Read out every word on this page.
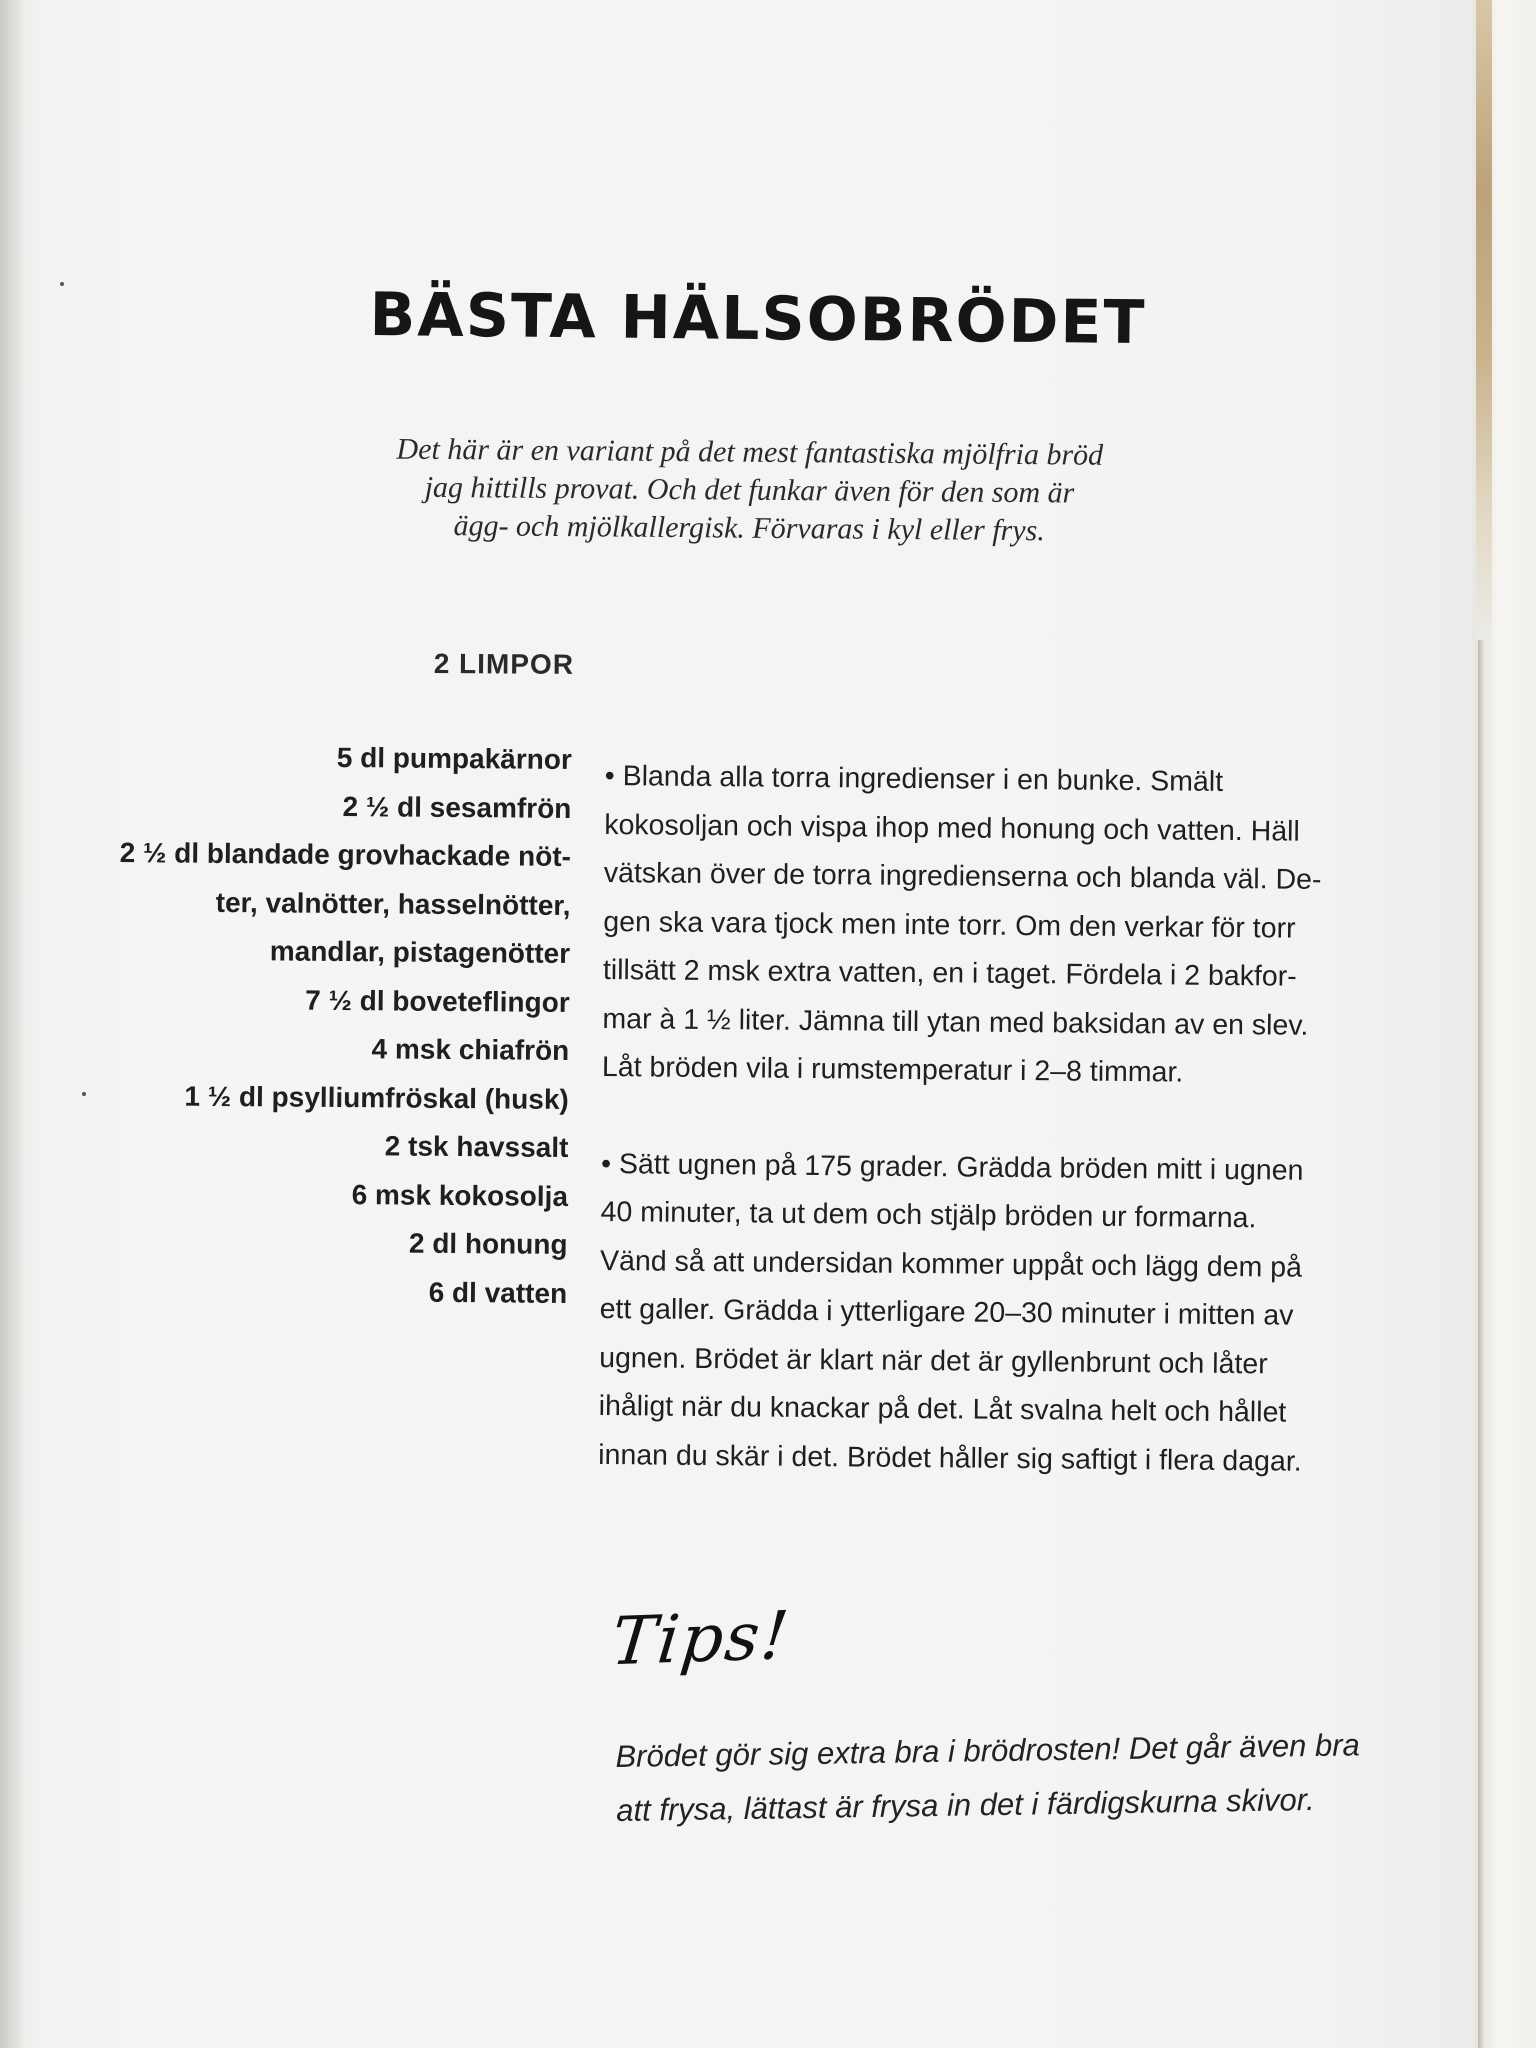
BÄSTA HÄLSOBRÖDET

Det här är en variant på det mest fantastiska mjölfria bröd
jag hittills provat. Och det funkar även för den som är
ägg- och mjölkallergisk. Förvaras i kyl eller frys.

2 LIMPOR
5 dl pumpakärnor
2 ½ dl sesamfrön
2 ½ dl blandade grovhackade nöt-
ter, valnötter, hasselnötter,
mandlar, pistagenötter
7 ½ dl boveteflingor
4 msk chiafrön
1 ½ dl psylliumfröskal (husk)
2 tsk havssalt
6 msk kokosolja
2 dl honung
6 dl vatten

• Blanda alla torra ingredienser i en bunke. Smält
kokosoljan och vispa ihop med honung och vatten. Häll
vätskan över de torra ingredienserna och blanda väl. De-
gen ska vara tjock men inte torr. Om den verkar för torr
tillsätt 2 msk extra vatten, en i taget. Fördela i 2 bakfor-
mar à 1 ½ liter. Jämna till ytan med baksidan av en slev.
Låt bröden vila i rumstemperatur i 2–8 timmar.

• Sätt ugnen på 175 grader. Grädda bröden mitt i ugnen
40 minuter, ta ut dem och stjälp bröden ur formarna.
Vänd så att undersidan kommer uppåt och lägg dem på
ett galler. Grädda i ytterligare 20–30 minuter i mitten av
ugnen. Brödet är klart när det är gyllenbrunt och låter
ihåligt när du knackar på det. Låt svalna helt och hållet
innan du skär i det. Brödet håller sig saftigt i flera dagar.

Tips!

Brödet gör sig extra bra i brödrosten! Det går även bra
att frysa, lättast är frysa in det i färdigskurna skivor.
